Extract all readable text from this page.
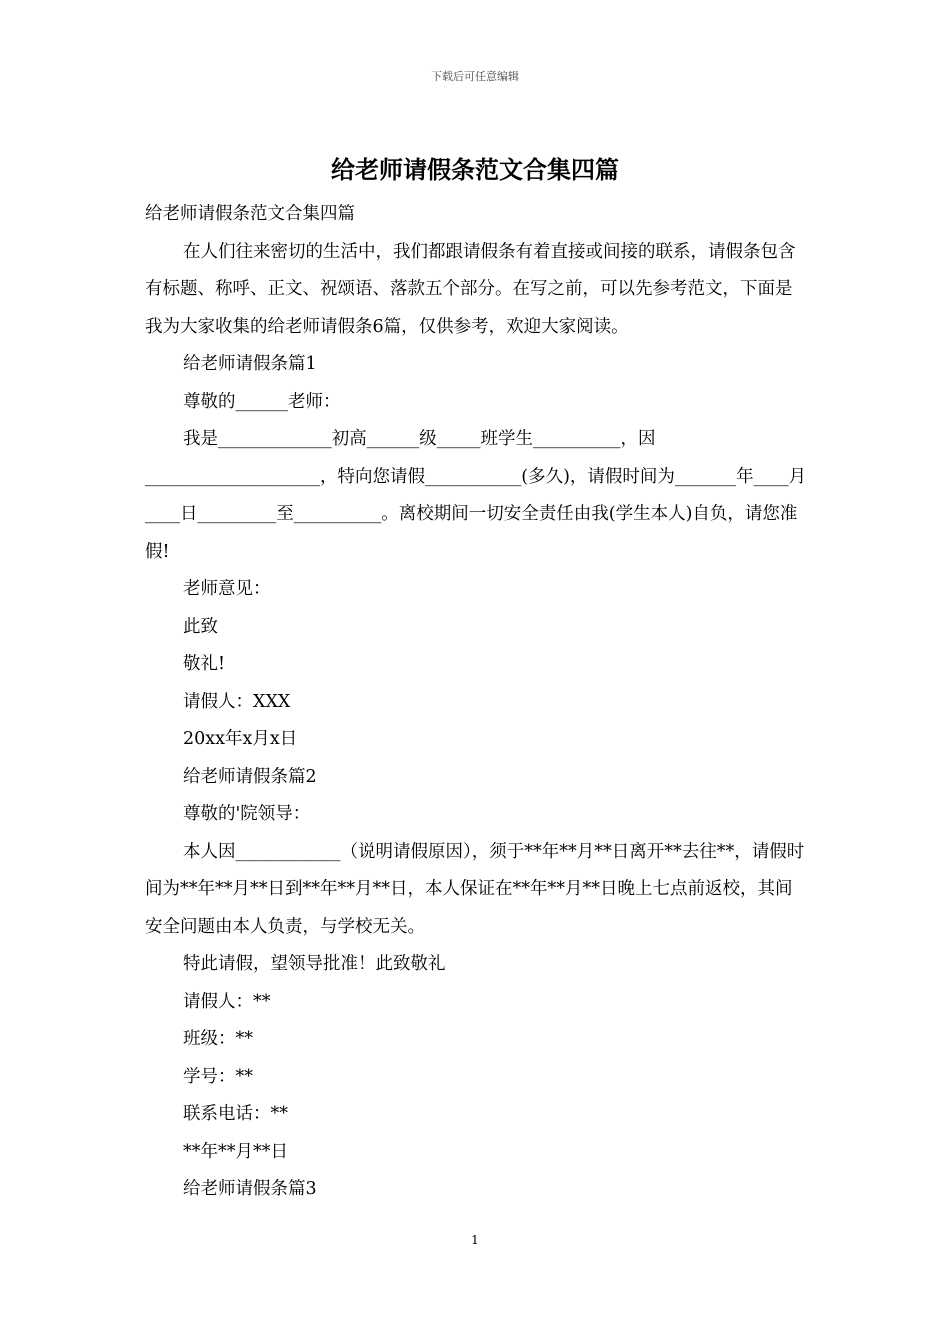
下载后可任意编辑
给老师请假条范文合集四篇

给老师请假条范文合集四篇

在人们往来密切的生活中，我们都跟请假条有着直接或间接的联系，请假条包含有标题、称呼、正文、祝颂语、落款五个部分。在写之前，可以先参考范文，下面是我为大家收集的给老师请假条6篇，仅供参考，欢迎大家阅读。

给老师请假条篇1

尊敬的______老师：

我是_____________初高______级_____班学生__________，因____________________，特向您请假___________(多久)，请假时间为_______年____月____日_________至__________。离校期间一切安全责任由我(学生本人)自负，请您准假!

老师意见：

此致

敬礼!

请假人：XXX

20xx年x月x日

给老师请假条篇2

尊敬的'院领导：

本人因____________（说明请假原因），须于**年**月**日离开**去往**，请假时间为**年**月**日到**年**月**日，本人保证在**年**月**日晚上七点前返校，其间安全问题由本人负责，与学校无关。

特此请假，望领导批准！此致敬礼

请假人：**

班级：**

学号：**

联系电话：**

**年**月**日

给老师请假条篇3

1
